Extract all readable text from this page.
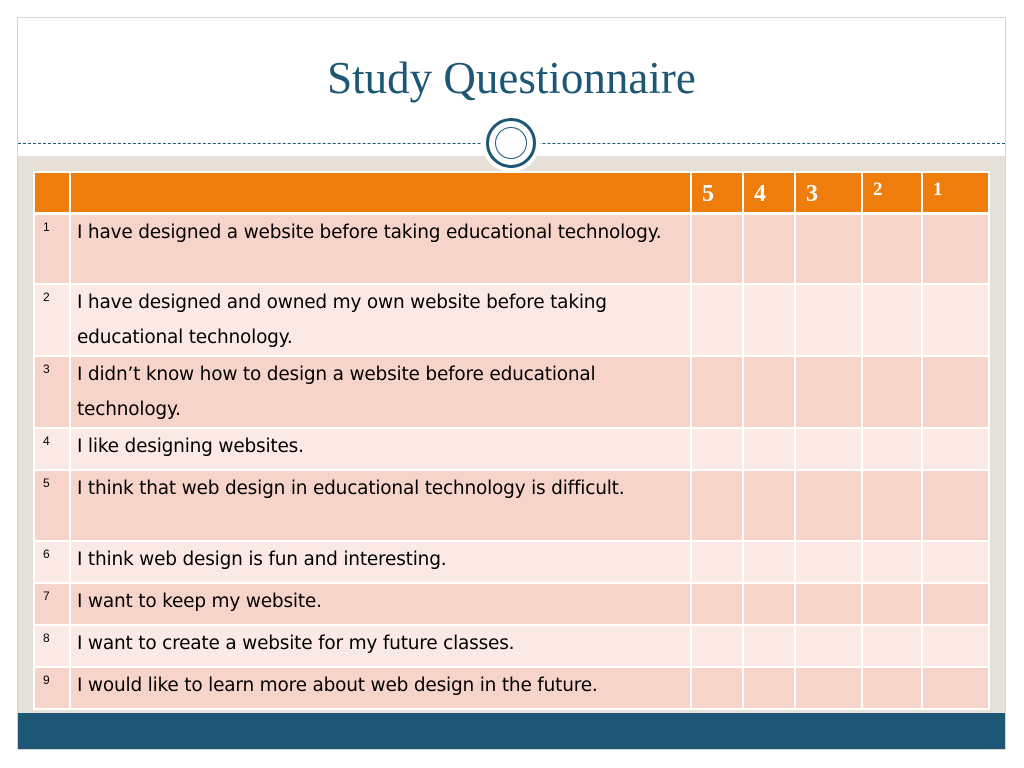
Study Questionnaire
		5	4	3	2	1
1	I have designed a website before taking educational technology.					
2	I have designed and owned my own website before taking educational technology.					
3	I didn’t know how to design a website before educational technology.					
4	I like designing websites.					
5	I think that web design in educational technology is difficult.					
6	I think web design is fun and interesting.					
7	I want to keep my website.					
8	I want to create a website for my future classes.					
9	I would like to learn more about web design in the future.					
